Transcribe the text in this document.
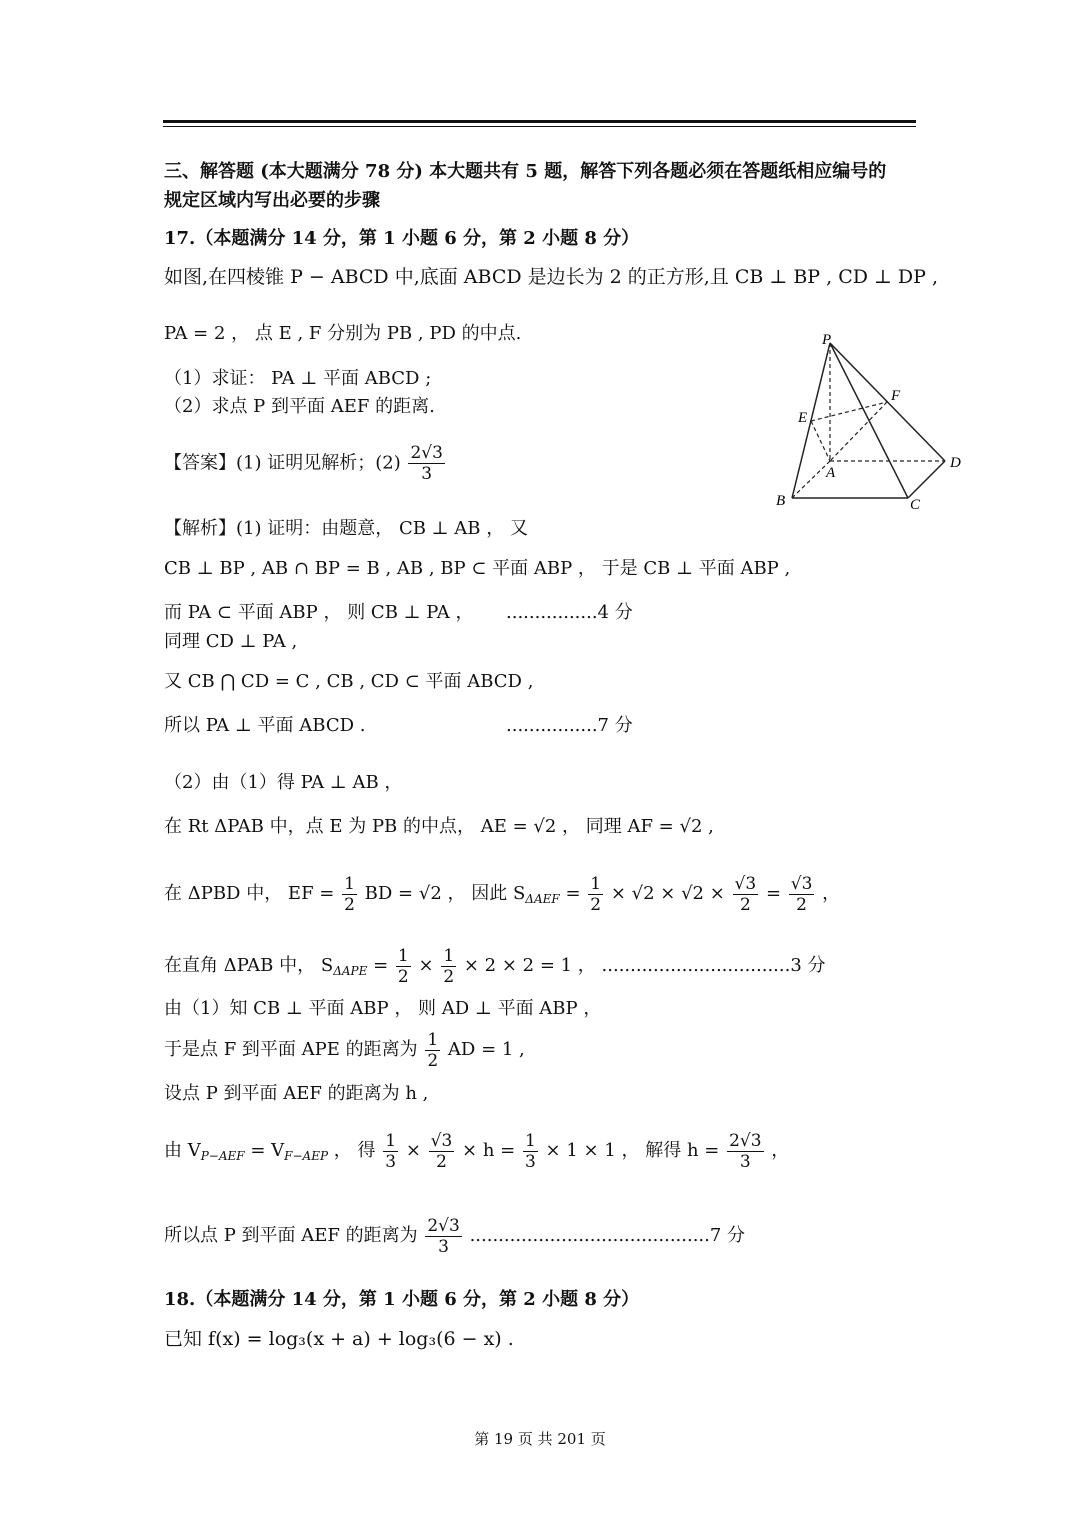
三、解答题 (本大题满分 78 分) 本大题共有 5 题，解答下列各题必须在答题纸相应编号的
规定区域内写出必要的步骤
17.（本题满分 14 分，第 1 小题 6 分，第 2 小题 8 分）
如图,在四棱锥 P − ABCD 中,底面 ABCD 是边长为 2 的正方形,且 CB ⊥ BP , CD ⊥ DP ,
PA = 2 ， 点 E , F 分别为 PB , PD 的中点.
（1）求证： PA ⊥ 平面 ABCD ;
（2）求点 P 到平面 AEF 的距离.
【答案】(1) 证明见解析；$(2) \frac{2√3}{3}$
P
E
F
A
B	C
D
【解析】(1) 证明：由题意， CB ⊥ AB ， 又
CB ⊥ BP , AB ∩ BP = B , AB , BP ⊂ 平面 ABP ， 于是 CB ⊥ 平面 ABP ,
而 PA ⊂ 平面 ABP ， 则 CB ⊥ PA ， ................4 分
同理 CD ⊥ PA ,
又 CB ⋂ CD = C , CB , CD ⊂ 平面 ABCD ,
所以 PA ⊥ 平面 ABCD .	................7 分
（2）由（1）得 PA ⊥ AB ，
在 Rt ΔPAB 中，点 E 为 PB 的中点， AE = √2 ， 同理 AF = √2 ,
在 ΔPBD 中， EF = $\frac{1}{2}$ BD = √2 ， 因此 $S_{\Delta AEF} = \frac{1}{2} \times √2 \times √2 \times \frac{√3}{2} = \frac{√3}{2}$ ，
在直角 ΔPAB 中， $S_{\Delta APE} = \frac{1}{2} \times \frac{1}{2} \times 2 \times 2 = 1$ ， .................................3 分
由（1）知 CB ⊥ 平面 ABP ， 则 AD ⊥ 平面 ABP ，
于是点 F 到平面 APE 的距离为 $\frac{1}{2}$ AD = 1 ,
设点 P 到平面 AEF 的距离为 h ,
由 $V_{P-AEF} = V_{F-AEP}$ ， 得 $\frac{1}{3} \times \frac{√3}{2} \times h = \frac{1}{3} \times 1 \times 1$ ， 解得 $h = \frac{2√3}{3}$ ，
所以点 P 到平面 AEF 的距离为 $\frac{2√3}{3} ..........................................7$ 分
18.（本题满分 14 分，第 1 小题 6 分，第 2 小题 8 分）
已知 f(x) = log₃(x + a) + log₃(6 − x) .
第 19 页 共 201 页
